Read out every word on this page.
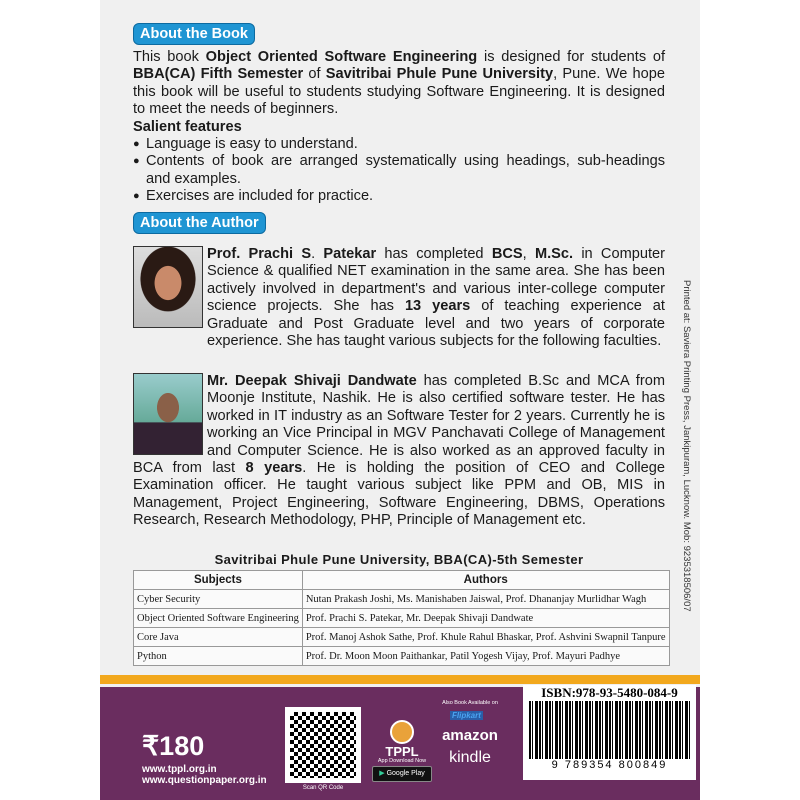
About the Book
This book Object Oriented Software Engineering is designed for students of BBA(CA) Fifth Semester of Savitribai Phule Pune University, Pune. We hope this book will be useful to students studying Software Engineering. It is designed to meet the needs of beginners.
Salient features
● Language is easy to understand.
● Contents of book are arranged systematically using headings, sub-headings and examples.
● Exercises are included for practice.
About the Author
Prof. Prachi S. Patekar has completed BCS, M.Sc. in Computer Science & qualified NET examination in the same area. She has been actively involved in department's and various inter-college computer science projects. She has 13 years of teaching experience at Graduate and Post Graduate level and two years of corporate experience. She has taught various subjects for the following faculties.
Mr. Deepak Shivaji Dandwate has completed B.Sc and MCA from Moonje Institute, Nashik. He is also certified software tester. He has worked in IT industry as an Software Tester for 2 years. Currently he is working an Vice Principal in MGV Panchavati College of Management and Computer Science. He is also worked as an approved faculty in BCA from last 8 years. He is holding the position of CEO and College Examination officer. He taught various subject like PPM and OB, MIS in Management, Project Engineering, Software Engineering, DBMS, Operations Research, Research Methodology, PHP, Principle of Management etc.	Printed at: Saviera Printing Press, Jankipuram, Lucknow. Mob: 9235318506/07
Savitribai Phule Pune University, BBA(CA)-5th Semester
Subjects	Authors
Cyber Security	Nutan Prakash Joshi, Ms. Manishaben Jaiswal, Prof. Dhananjay Murlidhar Wagh
Object Oriented Software Engineering	Prof. Prachi S. Patekar, Mr. Deepak Shivaji Dandwate
Core Java	Prof. Manoj Ashok Sathe, Prof. Khule Rahul Bhaskar, Prof. Ashvini Swapnil Tanpure
Python	Prof. Dr. Moon Moon Paithankar, Patil Yogesh Vijay, Prof. Mayuri Padhye
₹180
www.tppl.org.in
www.questionpaper.org.in
Scan QR Code
TPPL
App Download Now
▶ Google Play
Also Book Available on
Flipkart
amazon
kindle
ISBN:978-93-5480-084-9
9 789354 800849
